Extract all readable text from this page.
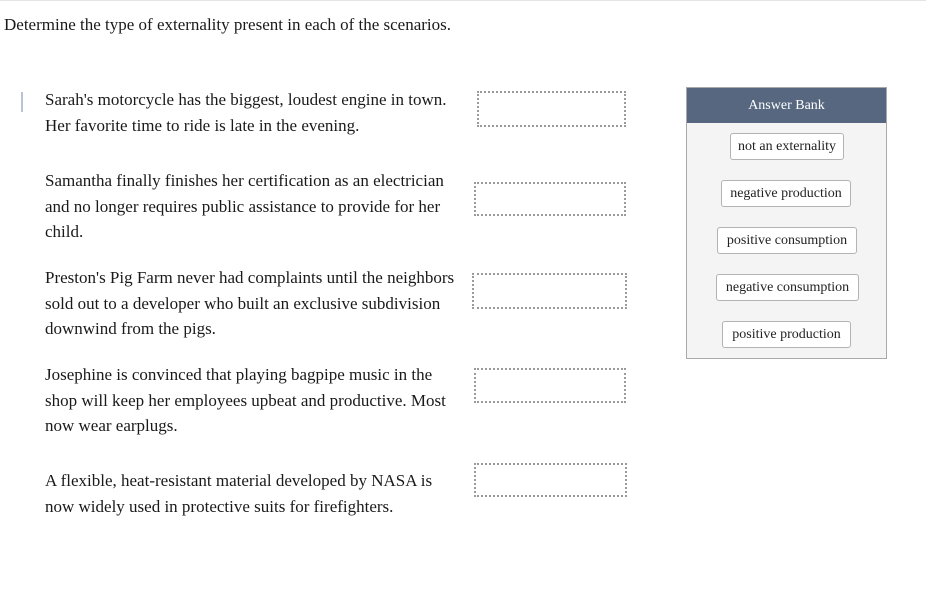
Determine the type of externality present in each of the scenarios.
Sarah's motorcycle has the biggest, loudest engine in town. Her favorite time to ride is late in the evening.
Samantha finally finishes her certification as an electrician and no longer requires public assistance to provide for her child.
Preston's Pig Farm never had complaints until the neighbors sold out to a developer who built an exclusive subdivision downwind from the pigs.
Josephine is convinced that playing bagpipe music in the shop will keep her employees upbeat and productive. Most now wear earplugs.
A flexible, heat-resistant material developed by NASA is now widely used in protective suits for firefighters.
Answer Bank
not an externality
negative production
positive consumption
negative consumption
positive production
